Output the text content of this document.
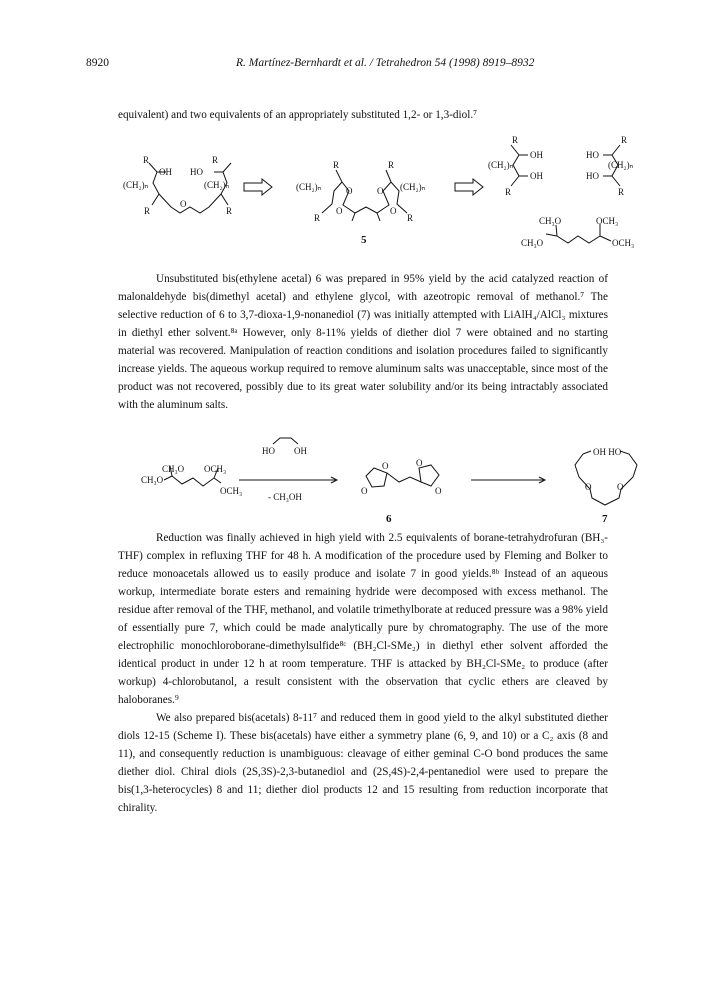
8920	R. Martínez-Bernhardt et al. / Tetrahedron 54 (1998) 8919–8932
equivalent) and two equivalents of an appropriately substituted 1,2- or 1,3-diol.⁷
R
OH HO
R
(CH₂)ₙ	(CH₂)ₙ
O
R	R
R	R
(CH₂)ₙ	(CH₂)ₙ
O	O
O	O
R	R
5
R
OH
(CH₂)ₙ
OH
R
R
HO
(CH₂)ₙ
HO
R
CH₃O	OCH₃
CH₃O	OCH₃
Unsubstituted bis(ethylene acetal) 6 was prepared in 95% yield by the acid catalyzed reaction of malonaldehyde bis(dimethyl acetal) and ethylene glycol, with azeotropic removal of methanol.⁷ The selective reduction of 6 to 3,7-dioxa-1,9-nonanediol (7) was initially attempted with LiAlH₄/AlCl₃ mixtures in diethyl ether solvent.⁸ᵃ However, only 8-11% yields of diether diol 7 were obtained and no starting material was recovered. Manipulation of reaction conditions and isolation procedures failed to significantly increase yields. The aqueous workup required to remove aluminum salts was unacceptable, since most of the product was not recovered, possibly due to its great water solubility and/or its being intractably associated with the aluminum salts.
CH₃O OCH₃
CH₃O
OCH₃
HO OH
- CH₃OH
O
O	O
O
OH HO
O	O
6	7
Reduction was finally achieved in high yield with 2.5 equivalents of borane-tetrahydrofuran (BH₃-THF) complex in refluxing THF for 48 h. A modification of the procedure used by Fleming and Bolker to reduce monoacetals allowed us to easily produce and isolate 7 in good yields.⁸ᵇ Instead of an aqueous workup, intermediate borate esters and remaining hydride were decomposed with excess methanol. The residue after removal of the THF, methanol, and volatile trimethylborate at reduced pressure was a 98% yield of essentially pure 7, which could be made analytically pure by chromatography. The use of the more electrophilic monochloroborane-dimethylsulfide⁸ᶜ (BH₂Cl-SMe₂) in diethyl ether solvent afforded the identical product in under 12 h at room temperature. THF is attacked by BH₂Cl-SMe₂ to produce (after workup) 4-chlorobutanol, a result consistent with the observation that cyclic ethers are cleaved by haloboranes.⁹
We also prepared bis(acetals) 8-11⁷ and reduced them in good yield to the alkyl substituted diether diols 12-15 (Scheme I). These bis(acetals) have either a symmetry plane (6, 9, and 10) or a C₂ axis (8 and 11), and consequently reduction is unambiguous: cleavage of either geminal C-O bond produces the same diether diol. Chiral diols (2S,3S)-2,3-butanediol and (2S,4S)-2,4-pentanediol were used to prepare the bis(1,3-heterocycles) 8 and 11; diether diol products 12 and 15 resulting from reduction incorporate that chirality.
